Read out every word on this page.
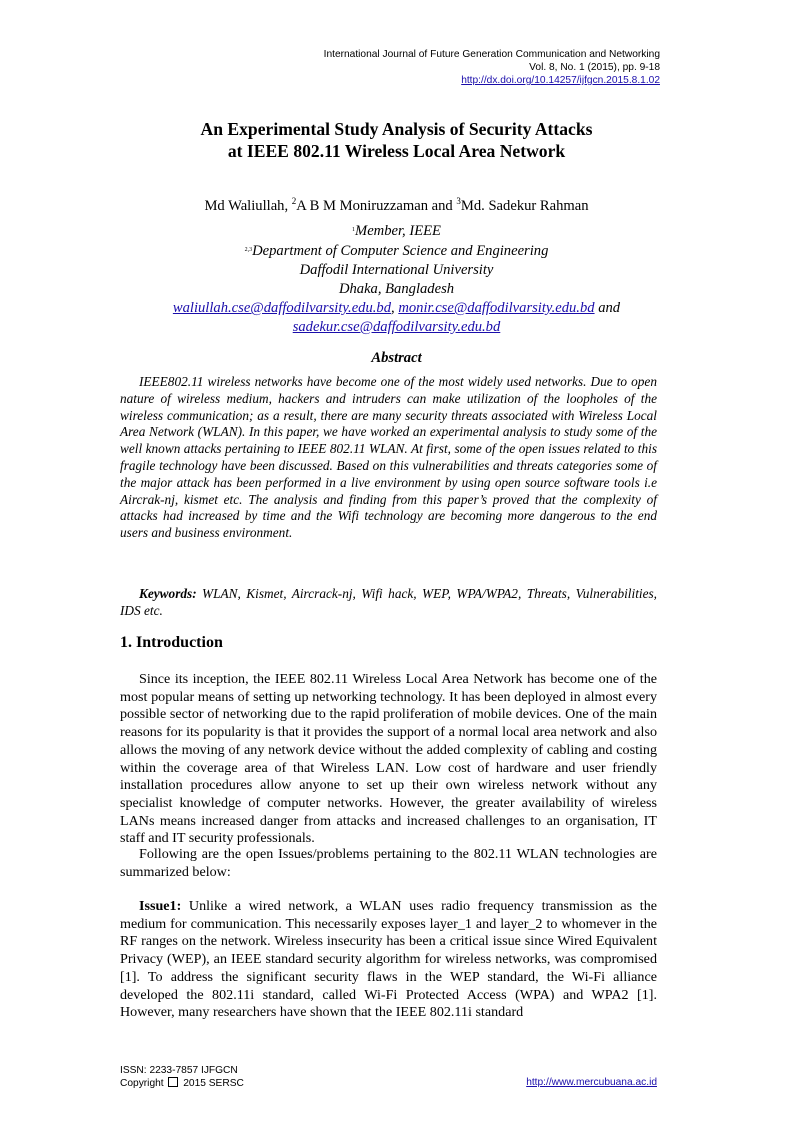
International Journal of Future Generation Communication and Networking
Vol. 8, No. 1 (2015), pp. 9-18
http://dx.doi.org/10.14257/ijfgcn.2015.8.1.02
An Experimental Study Analysis of Security Attacks
at IEEE 802.11 Wireless Local Area Network
Md Waliullah, $^2$A B M Moniruzzaman and $^3$Md. Sadekur Rahman
$^1$Member, IEEE
$^{2,3}$Department of Computer Science and Engineering
Daffodil International University
Dhaka, Bangladesh
waliullah.cse@daffodilvarsity.edu.bd, monir.cse@daffodilvarsity.edu.bd and
sadekur.cse@daffodilvarsity.edu.bd
Abstract

IEEE802.11 wireless networks have become one of the most widely used networks. Due to open nature of wireless medium, hackers and intruders can make utilization of the loopholes of the wireless communication; as a result, there are many security threats associated with Wireless Local Area Network (WLAN). In this paper, we have worked an experimental analysis to study some of the well known attacks pertaining to IEEE 802.11 WLAN. At first, some of the open issues related to this fragile technology have been discussed. Based on this vulnerabilities and threats categories some of the major attack has been performed in a live environment by using open source software tools i.e Aircrak-nj, kismet etc. The analysis and finding from this paper’s proved that the complexity of attacks had increased by time and the Wifi technology are becoming more dangerous to the end users and business environment.

Keywords: WLAN, Kismet, Aircrack-nj, Wifi hack, WEP, WPA/WPA2, Threats, Vulnerabilities, IDS etc.

1. Introduction

Since its inception, the IEEE 802.11 Wireless Local Area Network has become one of the most popular means of setting up networking technology. It has been deployed in almost every possible sector of networking due to the rapid proliferation of mobile devices. One of the main reasons for its popularity is that it provides the support of a normal local area network and also allows the moving of any network device without the added complexity of cabling and costing within the coverage area of that Wireless LAN. Low cost of hardware and user friendly installation procedures allow anyone to set up their own wireless network without any specialist knowledge of computer networks. However, the greater availability of wireless LANs means increased danger from attacks and increased challenges to an organisation, IT staff and IT security professionals.

Following are the open Issues/problems pertaining to the 802.11 WLAN technologies are summarized below:

Issue1: Unlike a wired network, a WLAN uses radio frequency transmission as the medium for communication. This necessarily exposes layer_1 and layer_2 to whomever in the RF ranges on the network. Wireless insecurity has been a critical issue since Wired Equivalent Privacy (WEP), an IEEE standard security algorithm for wireless networks, was compromised [1]. To address the significant security flaws in the WEP standard, the Wi-Fi alliance developed the 802.11i standard, called Wi-Fi Protected Access (WPA) and WPA2 [1]. However, many researchers have shown that the IEEE 802.11i standard

ISSN: 2233-7857 IJFGCN
Copyright  2015 SERSC	http://www.mercubuana.ac.id
